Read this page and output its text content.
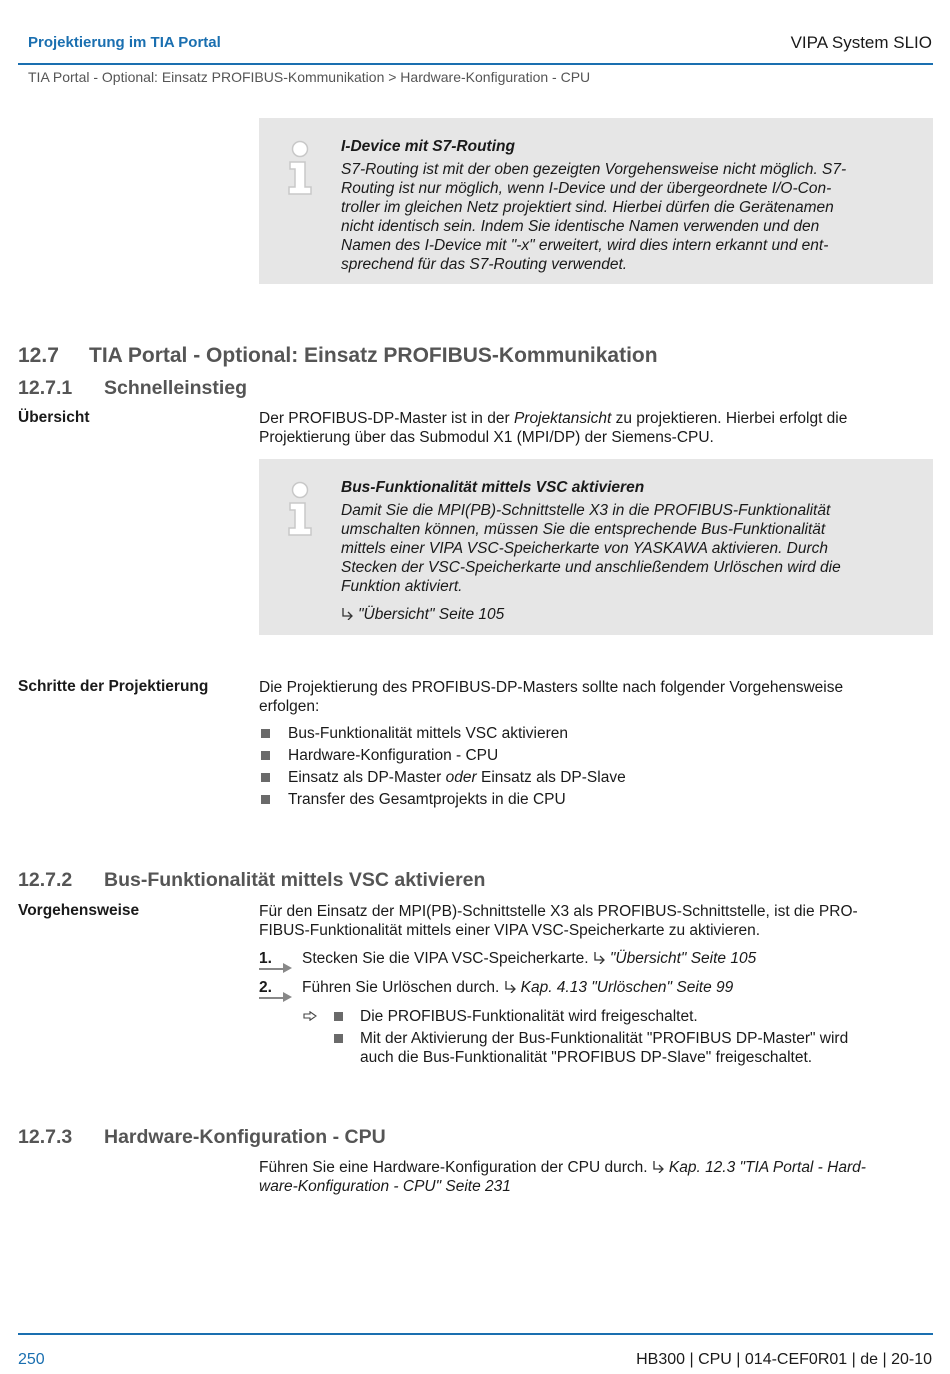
Projektierung im TIA Portal	VIPA System SLIO
TIA Portal - Optional: Einsatz PROFIBUS-Kommunikation > Hardware-Konfiguration - CPU
I-Device mit S7-Routing
S7-Routing ist mit der oben gezeigten Vorgehensweise nicht möglich. S7-
Routing ist nur möglich, wenn I-Device und der übergeordnete I/O-Con-
troller im gleichen Netz projektiert sind. Hierbei dürfen die Gerätenamen
nicht identisch sein. Indem Sie identische Namen verwenden und den
Namen des I-Device mit "-x" erweitert, wird dies intern erkannt und ent-
sprechend für das S7-Routing verwendet.
12.7 TIA Portal - Optional: Einsatz PROFIBUS-Kommunikation
12.7.1 Schnelleinstieg
Übersicht	Der PROFIBUS-DP-Master ist in der Projektansicht zu projektieren. Hierbei erfolgt die
Projektierung über das Submodul X1 (MPI/DP) der Siemens-CPU.
Bus-Funktionalität mittels VSC aktivieren
Damit Sie die MPI(PB)-Schnittstelle X3 in die PROFIBUS-Funktionalität
umschalten können, müssen Sie die entsprechende Bus-Funktionalität
mittels einer VIPA VSC-Speicherkarte von YASKAWA aktivieren. Durch
Stecken der VSC-Speicherkarte und anschließendem Urlöschen wird die
Funktion aktiviert.
"Übersicht" Seite 105
Schritte der Projektierung	Die Projektierung des PROFIBUS-DP-Masters sollte nach folgender Vorgehensweise
erfolgen:
Bus-Funktionalität mittels VSC aktivieren
Hardware-Konfiguration - CPU
Einsatz als DP-Master oder Einsatz als DP-Slave
Transfer des Gesamtprojekts in die CPU
12.7.2 Bus-Funktionalität mittels VSC aktivieren
Vorgehensweise	Für den Einsatz der MPI(PB)-Schnittstelle X3 als PROFIBUS-Schnittstelle, ist die PRO-
FIBUS-Funktionalität mittels einer VIPA VSC-Speicherkarte zu aktivieren.
1.	Stecken Sie die VIPA VSC-Speicherkarte. "Übersicht" Seite 105
2.	Führen Sie Urlöschen durch. Kap. 4.13 "Urlöschen" Seite 99
Die PROFIBUS-Funktionalität wird freigeschaltet.
Mit der Aktivierung der Bus-Funktionalität "PROFIBUS DP-Master" wird
auch die Bus-Funktionalität "PROFIBUS DP-Slave" freigeschaltet.
12.7.3 Hardware-Konfiguration - CPU
Führen Sie eine Hardware-Konfiguration der CPU durch. Kap. 12.3 "TIA Portal - Hard-
ware-Konfiguration - CPU" Seite 231
250	HB300 | CPU | 014-CEF0R01 | de | 20-10
